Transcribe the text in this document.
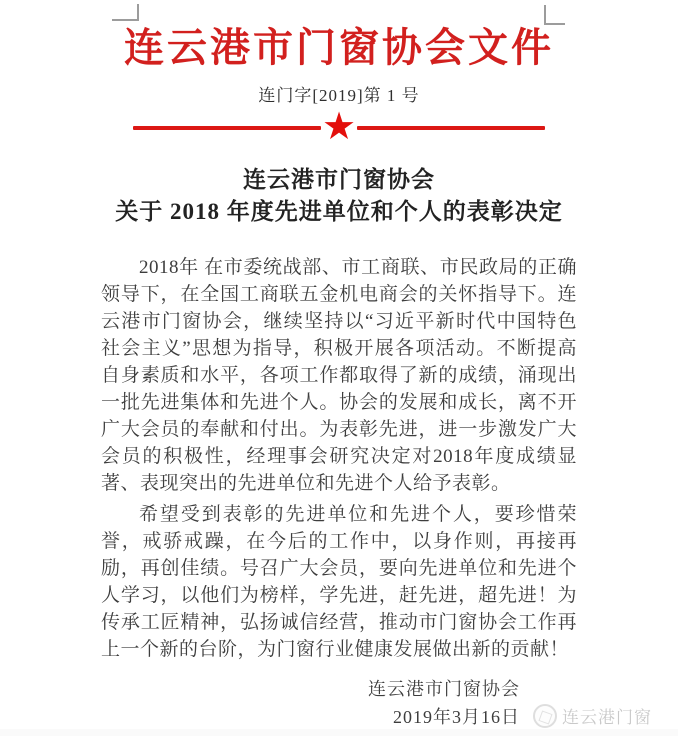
连云港市门窗协会文件
连门字[2019]第 1 号
★
连云港市门窗协会
关于 2018 年度先进单位和个人的表彰决定

2018年 在市委统战部、市工商联、市民政局的正确领导下，在全国工商联五金机电商会的关怀指导下。连云港市门窗协会，继续坚持以“习近平新时代中国特色社会主义”思想为指导，积极开展各项活动。不断提高自身素质和水平，各项工作都取得了新的成绩，涌现出一批先进集体和先进个人。协会的发展和成长，离不开广大会员的奉献和付出。为表彰先进，进一步激发广大会员的积极性，经理事会研究决定对2018年度成绩显著、表现突出的先进单位和先进个人给予表彰。

希望受到表彰的先进单位和先进个人，要珍惜荣誉，戒骄戒躁，在今后的工作中，以身作则，再接再励，再创佳绩。号召广大会员，要向先进单位和先进个人学习，以他们为榜样，学先进，赶先进，超先进！为传承工匠精神，弘扬诚信经营，推动市门窗协会工作再上一个新的台阶，为门窗行业健康发展做出新的贡献！

连云港市门窗协会
2019年3月16日 连云港门窗
